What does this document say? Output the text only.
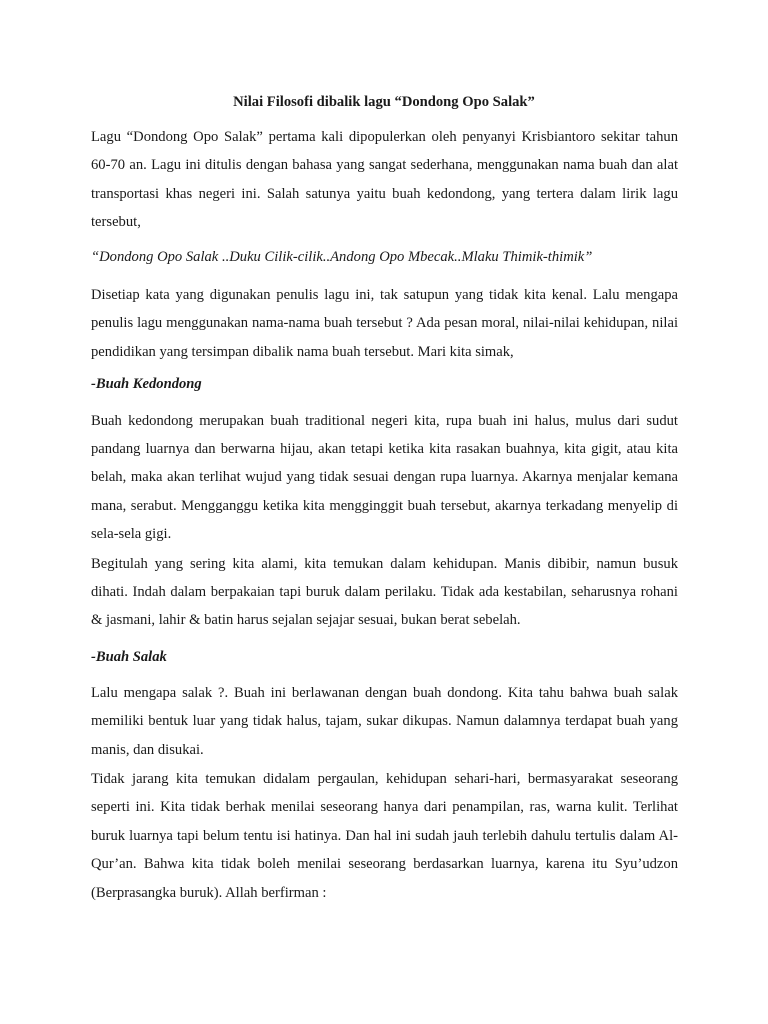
Nilai Filosofi dibalik lagu “Dondong Opo Salak”

Lagu “Dondong Opo Salak” pertama kali dipopulerkan oleh penyanyi Krisbiantoro sekitar tahun 60-70 an. Lagu ini ditulis dengan bahasa yang sangat sederhana, menggunakan nama buah dan alat transportasi khas negeri ini. Salah satunya yaitu buah kedondong, yang tertera dalam lirik lagu tersebut,

“Dondong Opo Salak ..Duku Cilik-cilik..Andong Opo Mbecak..Mlaku Thimik-thimik”

Disetiap kata yang digunakan penulis lagu ini, tak satupun yang tidak kita kenal. Lalu mengapa penulis lagu menggunakan nama-nama buah tersebut ? Ada pesan moral, nilai-nilai kehidupan, nilai pendidikan yang tersimpan dibalik nama buah tersebut. Mari kita simak,

-Buah Kedondong

Buah kedondong merupakan buah traditional negeri kita, rupa buah ini halus, mulus dari sudut pandang luarnya dan berwarna hijau, akan tetapi ketika kita rasakan buahnya, kita gigit, atau kita belah, maka akan terlihat wujud yang tidak sesuai dengan rupa luarnya. Akarnya menjalar kemana mana, serabut. Mengganggu ketika kita mengginggit buah tersebut, akarnya terkadang menyelip di sela-sela gigi.

Begitulah yang sering kita alami, kita temukan dalam kehidupan. Manis dibibir, namun busuk dihati. Indah dalam berpakaian tapi buruk dalam perilaku. Tidak ada kestabilan, seharusnya rohani & jasmani, lahir & batin harus sejalan sejajar sesuai, bukan berat sebelah.

-Buah Salak

Lalu mengapa salak ?. Buah ini berlawanan dengan buah dondong. Kita tahu bahwa buah salak memiliki bentuk luar yang tidak halus, tajam, sukar dikupas. Namun dalamnya terdapat buah yang manis, dan disukai.

Tidak jarang kita temukan didalam pergaulan, kehidupan sehari-hari, bermasyarakat seseorang seperti ini. Kita tidak berhak menilai seseorang hanya dari penampilan, ras, warna kulit. Terlihat buruk luarnya tapi belum tentu isi hatinya. Dan hal ini sudah jauh terlebih dahulu tertulis dalam Al-Qur’an. Bahwa kita tidak boleh menilai seseorang berdasarkan luarnya, karena itu Syu’udzon (Berprasangka buruk). Allah berfirman :
